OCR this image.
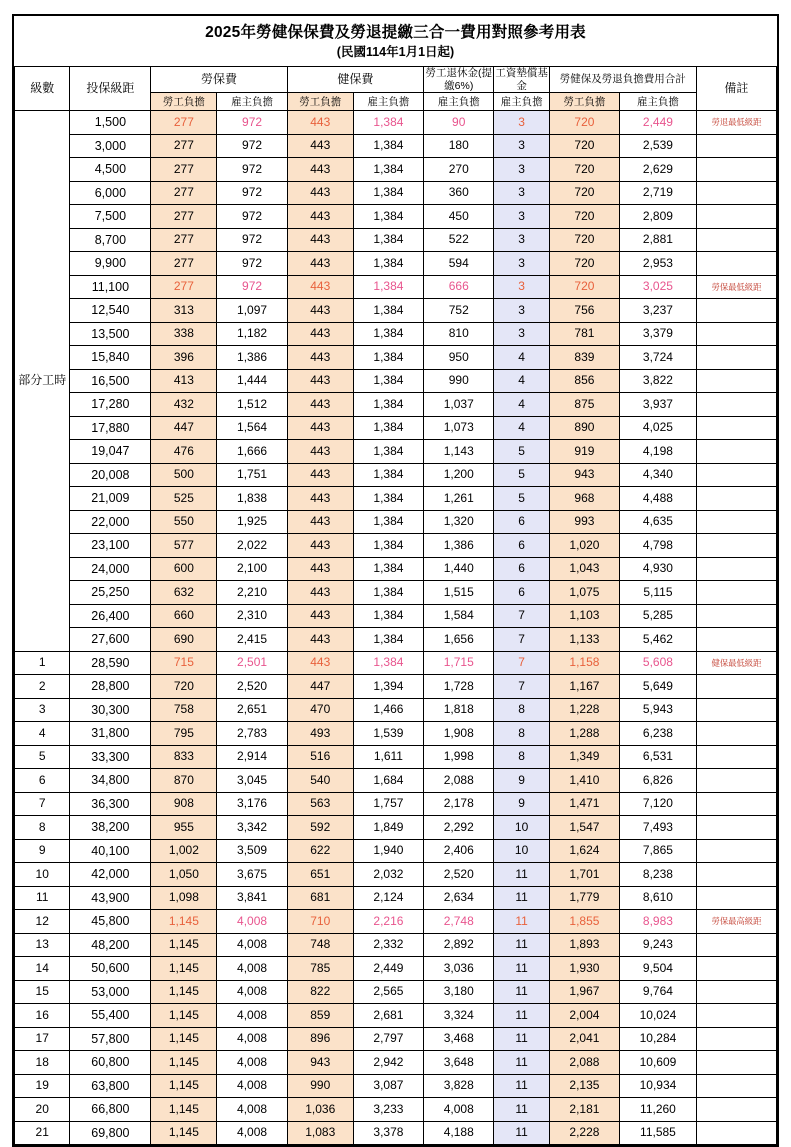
2025年勞健保保費及勞退提繳三合一費用對照參考用表
(民國114年1月1日起)										

級數	投保級距	勞保費		健保費		勞工退休金(提繳6%)	工資墊償基金	勞健保及勞退負擔費用合計		備註
		勞工負擔	雇主負擔	勞工負擔	雇主負擔	雇主負擔	雇主負擔	勞工負擔	雇主負擔	
部分工時	1,500	277	972	443	1,384	90	3	720	2,449	勞退最低級距
	3,000	277	972	443	1,384	180	3	720	2,539	
	4,500	277	972	443	1,384	270	3	720	2,629	
	6,000	277	972	443	1,384	360	3	720	2,719	
	7,500	277	972	443	1,384	450	3	720	2,809	
	8,700	277	972	443	1,384	522	3	720	2,881	
	9,900	277	972	443	1,384	594	3	720	2,953	
	11,100	277	972	443	1,384	666	3	720	3,025	勞保最低級距
	12,540	313	1,097	443	1,384	752	3	756	3,237	
	13,500	338	1,182	443	1,384	810	3	781	3,379	
	15,840	396	1,386	443	1,384	950	4	839	3,724	
	16,500	413	1,444	443	1,384	990	4	856	3,822	
	17,280	432	1,512	443	1,384	1,037	4	875	3,937	
	17,880	447	1,564	443	1,384	1,073	4	890	4,025	
	19,047	476	1,666	443	1,384	1,143	5	919	4,198	
	20,008	500	1,751	443	1,384	1,200	5	943	4,340	
	21,009	525	1,838	443	1,384	1,261	5	968	4,488	
	22,000	550	1,925	443	1,384	1,320	6	993	4,635	
	23,100	577	2,022	443	1,384	1,386	6	1,020	4,798	
	24,000	600	2,100	443	1,384	1,440	6	1,043	4,930	
	25,250	632	2,210	443	1,384	1,515	6	1,075	5,115	
	26,400	660	2,310	443	1,384	1,584	7	1,103	5,285	
	27,600	690	2,415	443	1,384	1,656	7	1,133	5,462	
1	28,590	715	2,501	443	1,384	1,715	7	1,158	5,608	健保最低級距
2	28,800	720	2,520	447	1,394	1,728	7	1,167	5,649	
3	30,300	758	2,651	470	1,466	1,818	8	1,228	5,943	
4	31,800	795	2,783	493	1,539	1,908	8	1,288	6,238	
5	33,300	833	2,914	516	1,611	1,998	8	1,349	6,531	
6	34,800	870	3,045	540	1,684	2,088	9	1,410	6,826	
7	36,300	908	3,176	563	1,757	2,178	9	1,471	7,120	
8	38,200	955	3,342	592	1,849	2,292	10	1,547	7,493	
9	40,100	1,002	3,509	622	1,940	2,406	10	1,624	7,865	
10	42,000	1,050	3,675	651	2,032	2,520	11	1,701	8,238	
11	43,900	1,098	3,841	681	2,124	2,634	11	1,779	8,610	
12	45,800	1,145	4,008	710	2,216	2,748	11	1,855	8,983	勞保最高級距
13	48,200	1,145	4,008	748	2,332	2,892	11	1,893	9,243	
14	50,600	1,145	4,008	785	2,449	3,036	11	1,930	9,504	
15	53,000	1,145	4,008	822	2,565	3,180	11	1,967	9,764	
16	55,400	1,145	4,008	859	2,681	3,324	11	2,004	10,024	
17	57,800	1,145	4,008	896	2,797	3,468	11	2,041	10,284	
18	60,800	1,145	4,008	943	2,942	3,648	11	2,088	10,609	
19	63,800	1,145	4,008	990	3,087	3,828	11	2,135	10,934	
20	66,800	1,145	4,008	1,036	3,233	4,008	11	2,181	11,260	
21	69,800	1,145	4,008	1,083	3,378	4,188	11	2,228	11,585	
